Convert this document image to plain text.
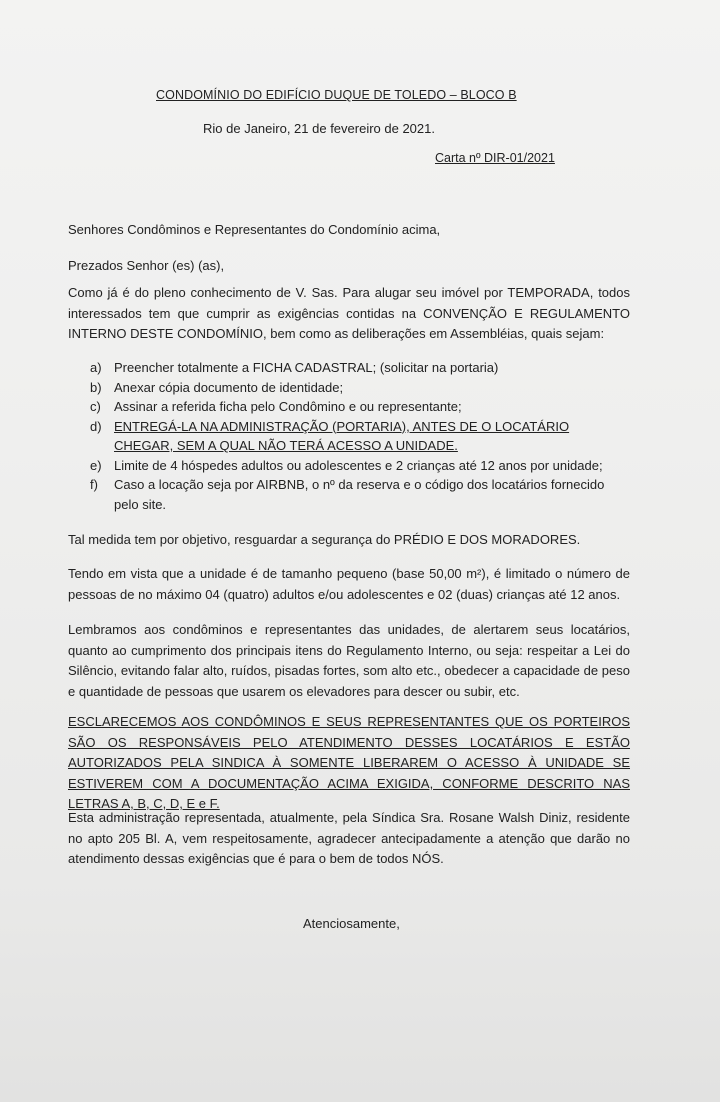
CONDOMÍNIO DO EDIFÍCIO DUQUE DE TOLEDO – BLOCO B
Rio de Janeiro, 21 de fevereiro de 2021.
Carta nº DIR-01/2021

Senhores Condôminos e Representantes do Condomínio acima,

Prezados Senhor (es) (as),

Como já é do pleno conhecimento de V. Sas. Para alugar seu imóvel por TEMPORADA, todos interessados tem que cumprir as exigências contidas na CONVENÇÃO E REGULAMENTO INTERNO DESTE CONDOMÍNIO, bem como as deliberações em Assembléias, quais sejam:

a) Preencher totalmente a FICHA CADASTRAL; (solicitar na portaria)
b) Anexar cópia documento de identidade;
c)	Assinar a referida ficha pelo Condômino e ou representante;
d) ENTREGÁ-LA NA ADMINISTRAÇÃO (PORTARIA), ANTES DE O LOCATÁRIO CHEGAR, SEM A QUAL NÃO TERÁ ACESSO A UNIDADE.
e) Limite de 4 hóspedes adultos ou adolescentes e 2 crianças até 12 anos por unidade;
f)	Caso a locação seja por AIRBNB, o nº da reserva e o código dos locatários fornecido pelo site.

Tal medida tem por objetivo, resguardar a segurança do PRÉDIO E DOS MORADORES.

Tendo em vista que a unidade é de tamanho pequeno (base 50,00 m²), é limitado o número de pessoas de no máximo 04 (quatro) adultos e/ou adolescentes e 02 (duas) crianças até 12 anos.

Lembramos aos condôminos e representantes das unidades, de alertarem seus locatários, quanto ao cumprimento dos principais itens do Regulamento Interno, ou seja: respeitar a Lei do Silêncio, evitando falar alto, ruídos, pisadas fortes, som alto etc., obedecer a capacidade de peso e quantidade de pessoas que usarem os elevadores para descer ou subir, etc.

ESCLARECEMOS AOS CONDÔMINOS E SEUS REPRESENTANTES QUE OS PORTEIROS SÃO OS RESPONSÁVEIS PELO ATENDIMENTO DESSES LOCATÁRIOS E ESTÃO AUTORIZADOS PELA SINDICA À SOMENTE LIBERAREM O ACESSO À UNIDADE SE ESTIVEREM COM A DOCUMENTAÇÃO ACIMA EXIGIDA, CONFORME DESCRITO NAS LETRAS A, B, C, D, E e F.

Esta administração representada, atualmente, pela Síndica Sra. Rosane Walsh Diniz, residente no apto 205 Bl. A, vem respeitosamente, agradecer antecipadamente a atenção que darão no atendimento dessas exigências que é para o bem de todos NÓS.

Atenciosamente,
